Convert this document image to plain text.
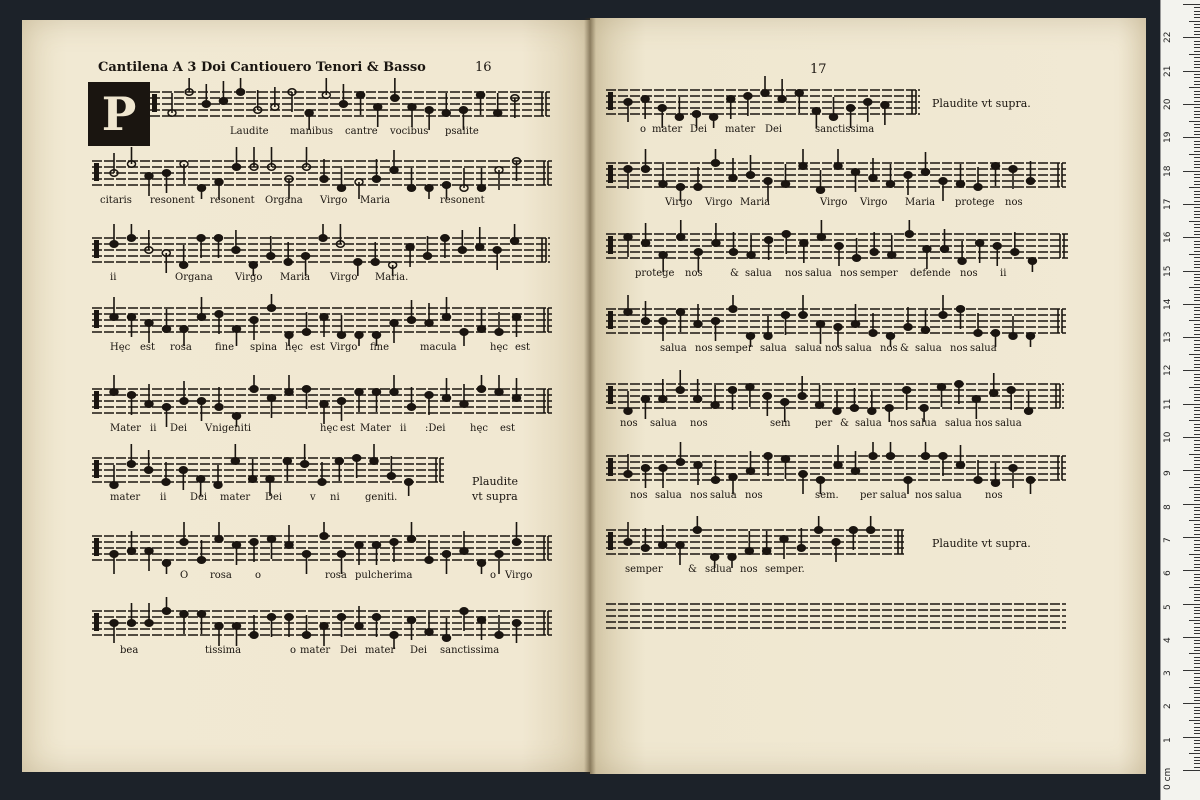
Cantilena A 3 Doi Cantiouero Tenori & Basso	16	17
P	Laudite manibus cantre vocibus psalite
citaris resonent resonent Organa Virgo Maria	resonent
ii	Organa Virgo Maria Virgo Maria.
Hęc est rosa fine spina hęc est Virgo fine	macula	hęc est
Mater ii Dei Vnigeniti	hęc est Mater ii :Dei hęc est
mater ii Dei mater Dei	v ni	geniti.
O rosa o	rosa pulcherima	o Virgo
bea	tissima	o mater Dei mater Dei sanctissima
o mater Dei mater Dei	sanctissima
Virgo Virgo Maria	Virgo Virgo Maria protege nos
protege nos	& salua nos salua nos semper defende nos ii
salua nos semper salua salua nos salua nos & salua nos salua
nos salua nos	sem per & salua nos salua salua nos salua
nos salua nos salua nos	sem. per salua nos salua nos
semper	& salua nos semper.
Plaudite vt supra.
Plaudite vt supra.
Plaudite
vt supra
0 cm
1
2
3
4
5
6
7
8
9
10
11
12
13
14
15
16
17
18
19
20
21
22
